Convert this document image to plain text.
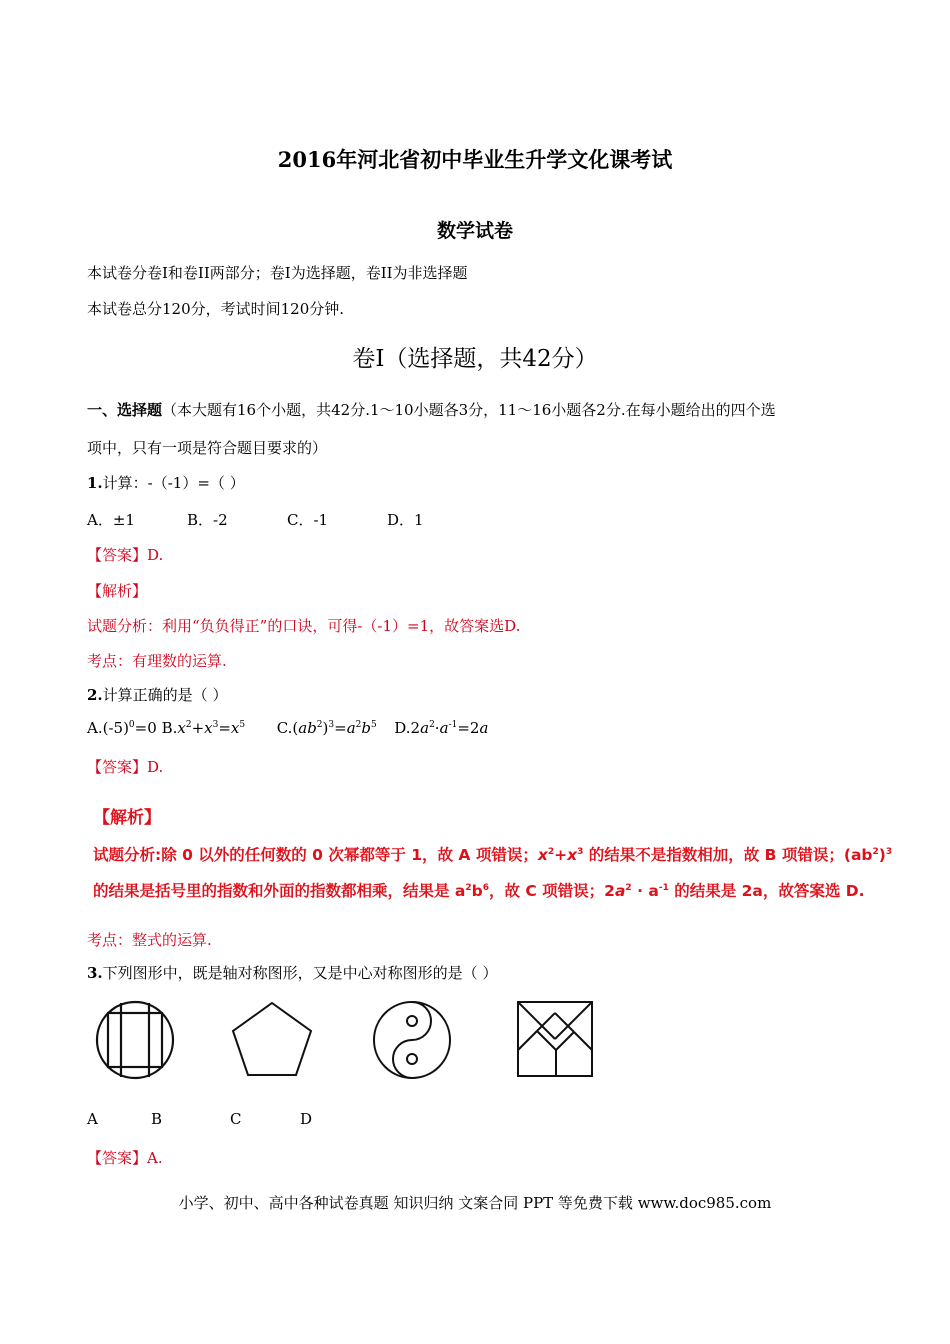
2016年河北省初中毕业生升学文化课考试
数学试卷
本试卷分卷I和卷II两部分；卷I为选择题，卷II为非选择题
本试卷总分120分，考试时间120分钟.
卷I（选择题，共42分）
一、选择题（本大题有16个小题，共42分.1～10小题各3分，11～16小题各2分.在每小题给出的四个选
项中，只有一项是符合题目要求的）
1.计算：-（-1）=（ ）
A．±1	B．-2	C．-1	D．1
【答案】D.
【解析】
试题分析：利用“负负得正”的口诀，可得-（-1）=1，故答案选D.
考点：有理数的运算.
2.计算正确的是（ ）
$A.(-5)^0=0$ $B.x^2+x^3=x^5$ $C.(ab^2)^3=a^2b^5$ $D.2a^2\cdot a^{-1}=2a$
【答案】D.
【解析】
试题分析:除 0 以外的任何数的 0 次幂都等于 1，故 A 项错误；$x^2+x^3$ 的结果不是指数相加，故 B 项错误；$(ab^2)^3$
的结果是括号里的指数和外面的指数都相乘，结果是 $a^2b^6$，故 C 项错误；$2a^2 \cdot a^{-1}$ 的结果是 2a，故答案选 D.
考点：整式的运算.
3.下列图形中，既是轴对称图形，又是中心对称图形的是（ ）
A	B	C	D
【答案】A.
小学、初中、高中各种试卷真题 知识归纳 文案合同 PPT 等免费下载 www.doc985.com
